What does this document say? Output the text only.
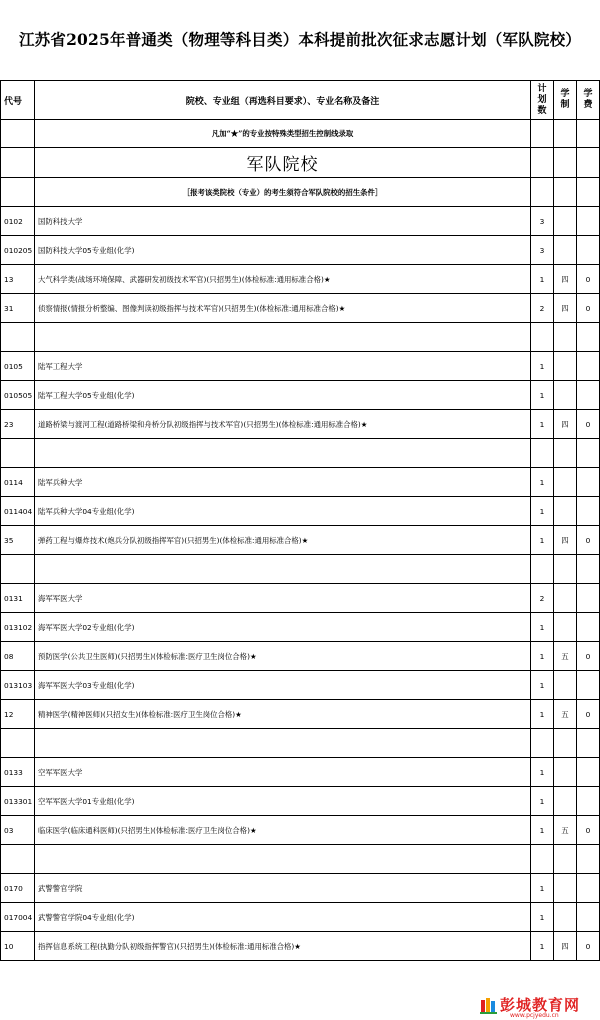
江苏省2025年普通类（物理等科目类）本科提前批次征求志愿计划（军队院校）
代号	院校、专业组（再选科目要求）、专业名称及备注	计划数	学制	学费
	凡加“★”的专业按特殊类型招生控制线录取			
	军队院校			
	［报考该类院校（专业）的考生须符合军队院校的招生条件］			
0102	国防科技大学	3		
010205	国防科技大学05专业组(化学)	3		
13	大气科学类(战场环境保障、武器研发初级技术军官)(只招男生)(体检标准:通用标准合格)★	1	四	0
31	侦察情报(情报分析整编、图像判读初级指挥与技术军官)(只招男生)(体检标准:通用标准合格)★	2	四	0

0105	陆军工程大学	1		
010505	陆军工程大学05专业组(化学)	1		
23	道路桥梁与渡河工程(道路桥梁和舟桥分队初级指挥与技术军官)(只招男生)(体检标准:通用标准合格)★	1	四	0

0114	陆军兵种大学	1		
011404	陆军兵种大学04专业组(化学)	1		
35	弹药工程与爆炸技术(炮兵分队初级指挥军官)(只招男生)(体检标准:通用标准合格)★	1	四	0

0131	海军军医大学	2		
013102	海军军医大学02专业组(化学)	1		
08	预防医学(公共卫生医师)(只招男生)(体检标准:医疗卫生岗位合格)★	1	五	0
013103	海军军医大学03专业组(化学)	1		
12	精神医学(精神医师)(只招女生)(体检标准:医疗卫生岗位合格)★	1	五	0

0133	空军军医大学	1		
013301	空军军医大学01专业组(化学)	1		
03	临床医学(临床通科医师)(只招男生)(体检标准:医疗卫生岗位合格)★	1	五	0

0170	武警警官学院	1		
017004	武警警官学院04专业组(化学)	1		
10	指挥信息系统工程(执勤分队初级指挥警官)(只招男生)(体检标准:通用标准合格)★	1	四	0
彭城教育网
www.pcjyedu.cn
